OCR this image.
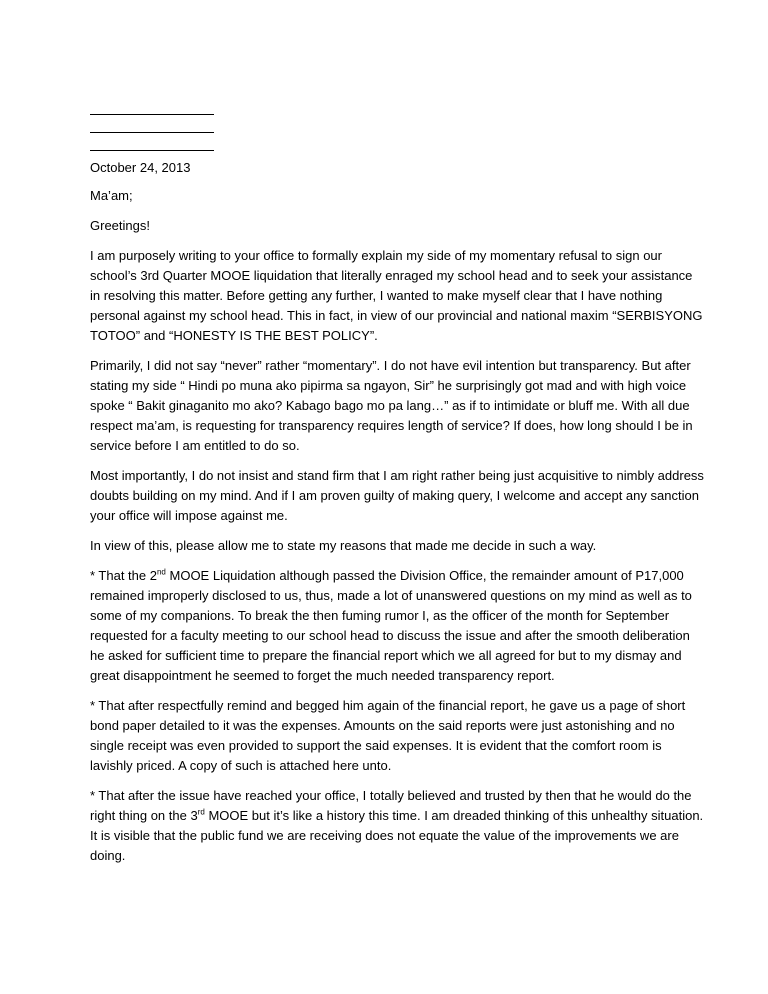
October 24, 2013

Ma’am;

Greetings!

I am purposely writing to your office to formally explain my side of my momentary refusal to sign our school’s 3rd Quarter MOOE liquidation that literally enraged my school head and to seek your assistance in resolving this matter. Before getting any further, I wanted to make myself clear that I have nothing personal against my school head. This in fact, in view of our provincial and national maxim “SERBISYONG TOTOO” and “HONESTY IS THE BEST POLICY”.

Primarily, I did not say “never” rather “momentary”. I do not have evil intention but transparency. But after stating my side “ Hindi po muna ako pipirma sa ngayon, Sir” he surprisingly got mad and with high voice spoke “ Bakit ginaganito mo ako? Kabago bago mo pa lang…” as if to intimidate or bluff me. With all due respect ma’am, is requesting for transparency requires length of service? If does, how long should I be in service before I am entitled to do so.

Most importantly, I do not insist and stand firm that I am right rather being just acquisitive to nimbly address doubts building on my mind. And if I am proven guilty of making query, I welcome and accept any sanction your office will impose against me.

In view of this, please allow me to state my reasons that made me decide in such a way.

* That the 2nd MOOE Liquidation although passed the Division Office, the remainder amount of P17,000 remained improperly disclosed to us, thus, made a lot of unanswered questions on my mind as well as to some of my companions. To break the then fuming rumor I, as the officer of the month for September requested for a faculty meeting to our school head to discuss the issue and after the smooth deliberation he asked for sufficient time to prepare the financial report which we all agreed for but to my dismay and great disappointment he seemed to forget the much needed transparency report.

* That after respectfully remind and begged him again of the financial report, he gave us a page of short bond paper detailed to it was the expenses. Amounts on the said reports were just astonishing and no single receipt was even provided to support the said expenses. It is evident that the comfort room is lavishly priced. A copy of such is attached here unto.

* That after the issue have reached your office, I totally believed and trusted by then that he would do the right thing on the 3rd MOOE but it’s like a history this time. I am dreaded thinking of this unhealthy situation. It is visible that the public fund we are receiving does not equate the value of the improvements we are doing.
